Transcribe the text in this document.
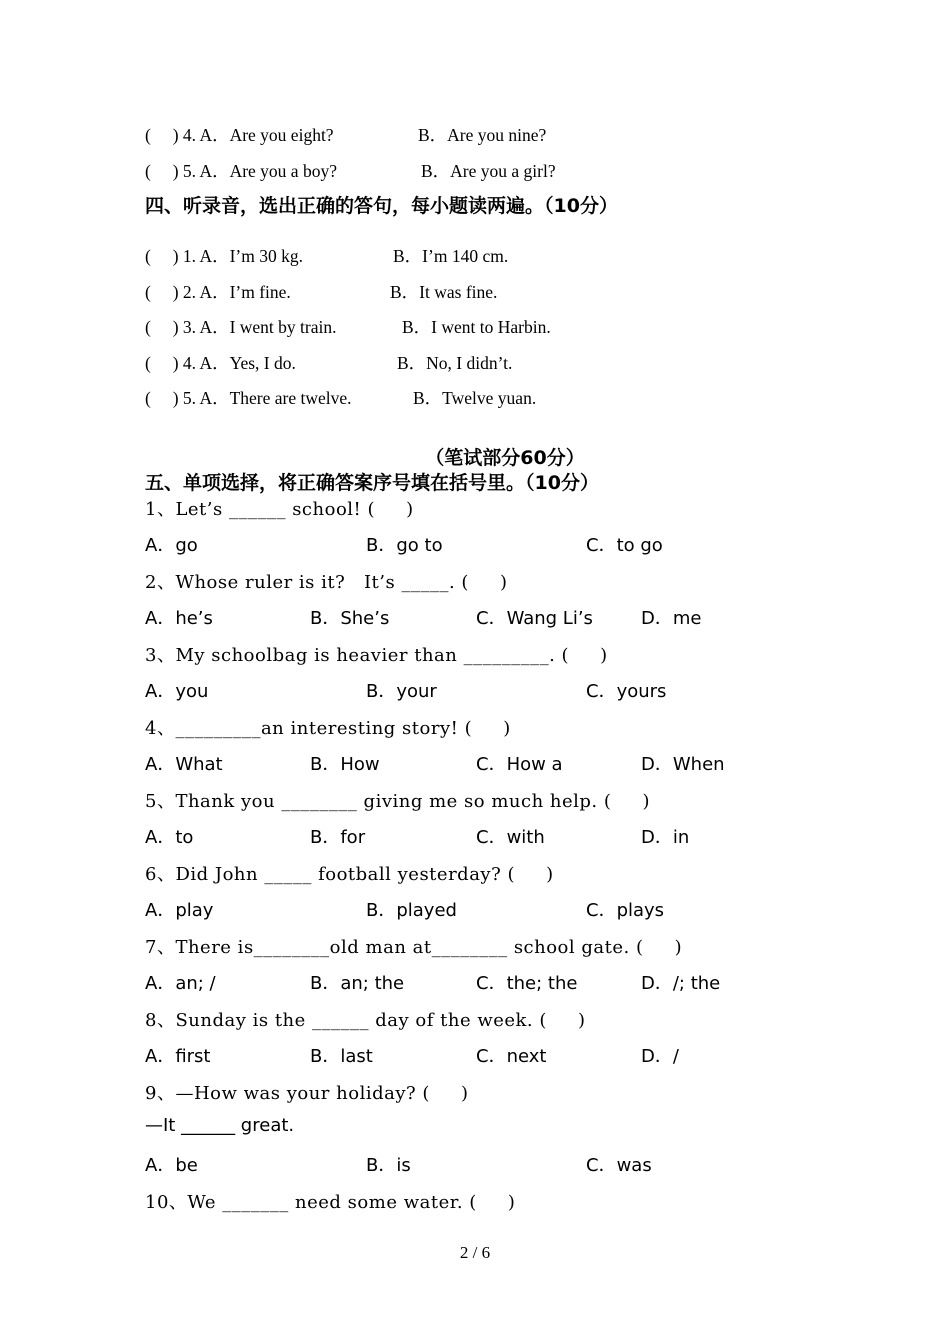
(     ) 4. A．Are you eight?	B．Are you nine?
(     ) 5. A．Are you a boy?	B．Are you a girl?
四、听录音，选出正确的答句，每小题读两遍。（10分）
(     ) 1. A．I’m 30 kg.	B．I’m 140 cm.
(     ) 2. A．I’m fine.	B．It was fine.
(     ) 3. A．I went by train.	B．I went to Harbin.
(     ) 4. A．Yes, I do.	B．No, I didn’t.
(     ) 5. A．There are twelve.	B．Twelve yuan.
（笔试部分60分）
五、单项选择，将正确答案序号填在括号里。（10分）
1、Let’s ______ school! (     )
A．go	B．go to	C．to go
2、Whose ruler is it?   It’s _____. (     )
A．he’s	B．She’s	C．Wang Li’s	D．me
3、My schoolbag is heavier than _________. (     )
A．you	B．your	C．yours
4、_________an interesting story! (     )
A．What	B．How	C．How a	D．When
5、Thank you ________ giving me so much help. (     )
A．to	B．for	C．with	D．in
6、Did John _____ football yesterday? (     )
A．play	B．played	C．plays
7、There is________old man at________ school gate. (     )
A．an; /	B．an; the	C．the; the	D．/; the
8、Sunday is the ______ day of the week. (     )
A．first	B．last	C．next	D．/
9、—How was your holiday? (     )
—It ______ great.
A．be	B．is	C．was
10、We _______ need some water. (     )
2 / 6
